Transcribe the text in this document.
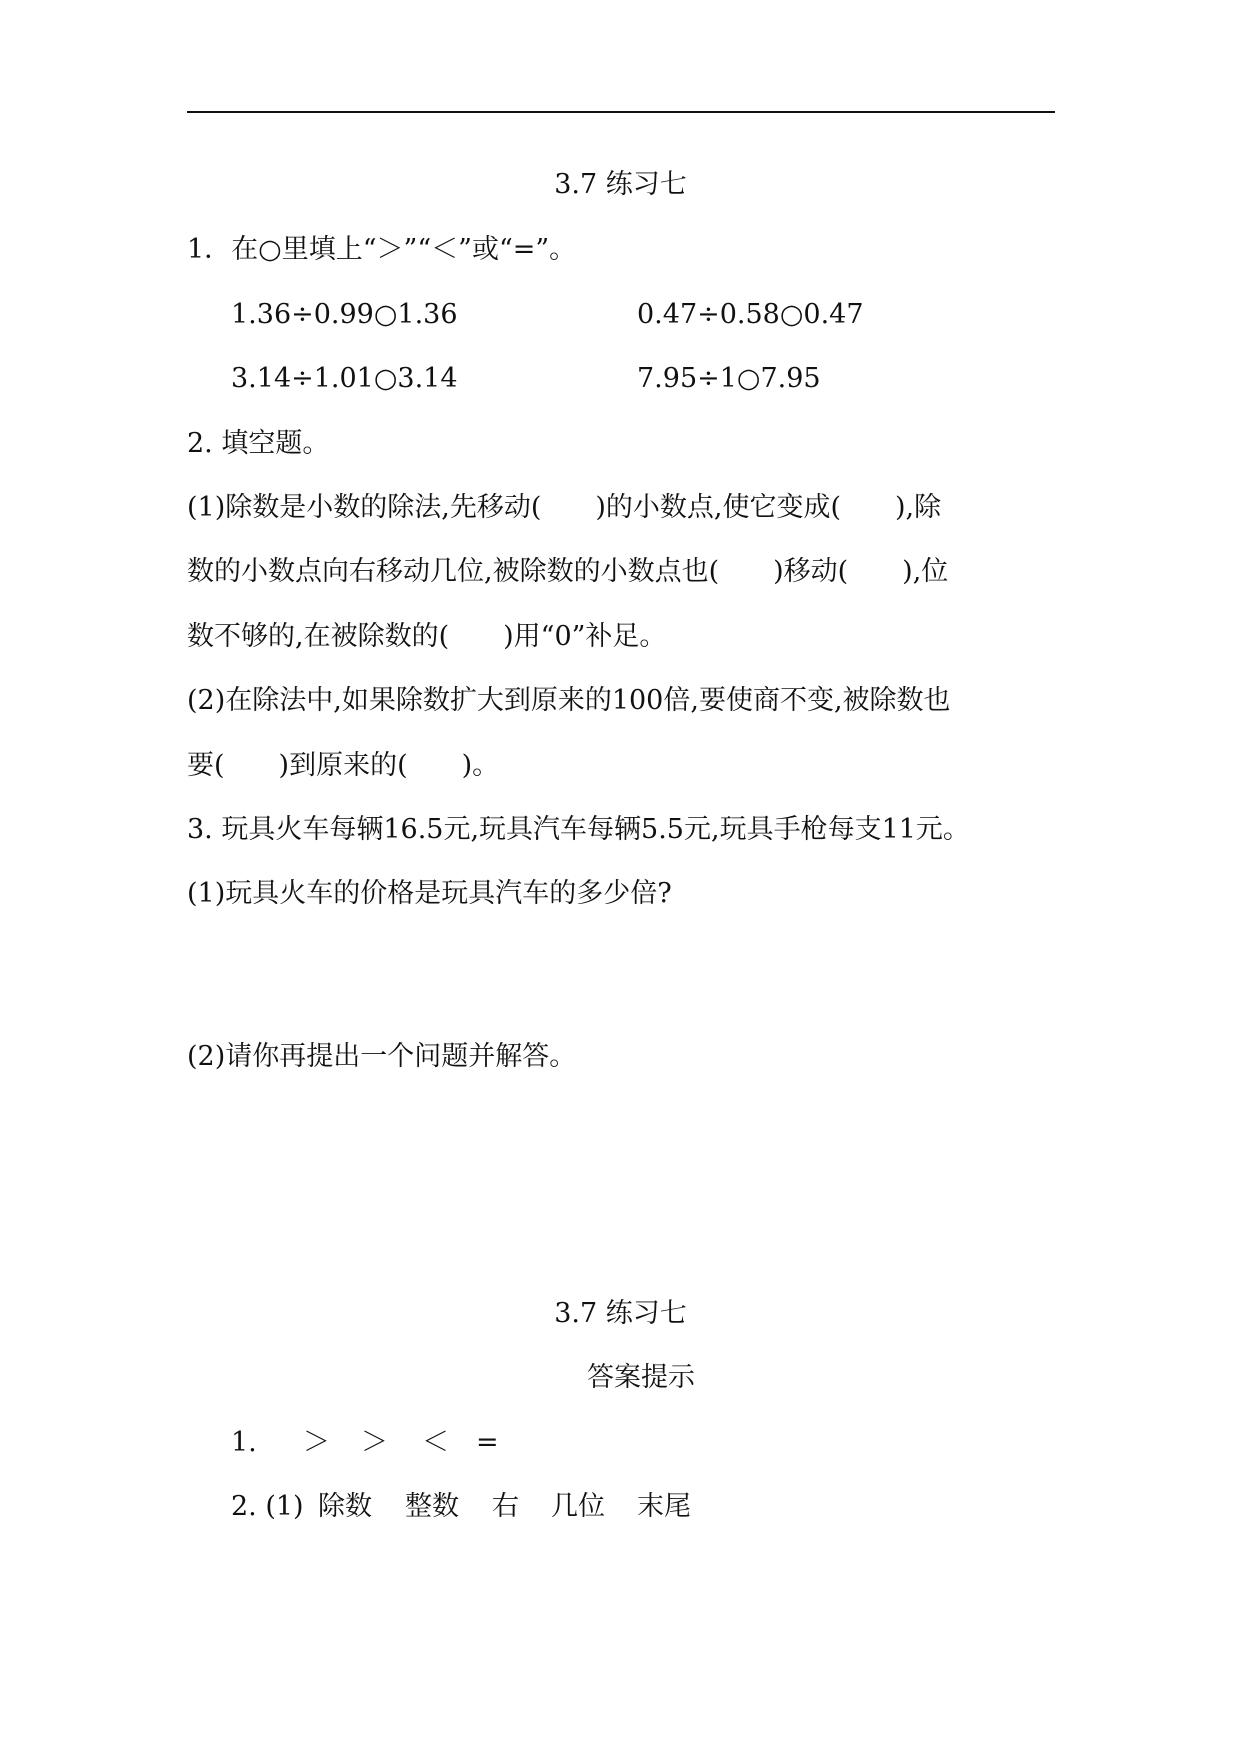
3.7 练习七
1．在○里填上“＞”“＜”或“=”。
1.36÷0.99○1.36	0.47÷0.58○0.47
3.14÷1.01○3.14	7.95÷1○7.95
2. 填空题。
(1)除数是小数的除法,先移动(　　)的小数点,使它变成(　　),除
数的小数点向右移动几位,被除数的小数点也(　　)移动(　　),位
数不够的,在被除数的(　　)用“0”补足。
(2)在除法中,如果除数扩大到原来的100倍,要使商不变,被除数也
要(　　)到原来的(　　)。
3. 玩具火车每辆16.5元,玩具汽车每辆5.5元,玩具手枪每支11元。
(1)玩具火车的价格是玩具汽车的多少倍?
(2)请你再提出一个问题并解答。
3.7 练习七
答案提示
1. ＞ ＞ ＜ =
2. (1) 除数 整数 右 几位 末尾
